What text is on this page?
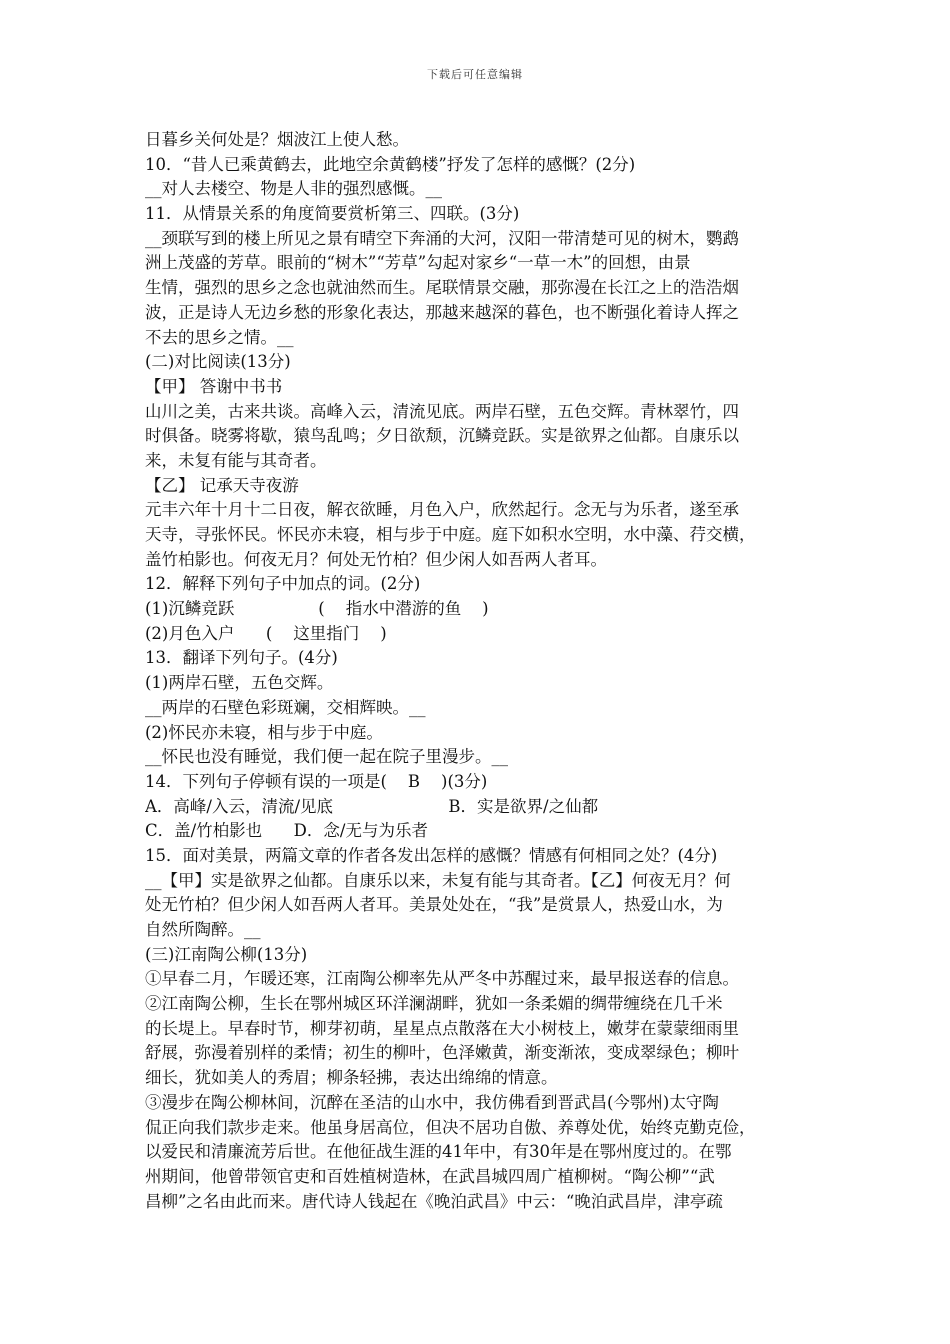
下载后可任意编辑
日暮乡关何处是？烟波江上使人愁。
10．“昔人已乘黄鹤去，此地空余黄鹤楼”抒发了怎样的感慨？(2分)
__对人去楼空、物是人非的强烈感慨。__
11．从情景关系的角度简要赏析第三、四联。(3分)
__颈联写到的楼上所见之景有晴空下奔涌的大河，汉阳一带清楚可见的树木，鹦鹉
洲上茂盛的芳草。眼前的“树木”“芳草”勾起对家乡“一草一木”的回想，由景
生情，强烈的思乡之念也就油然而生。尾联情景交融，那弥漫在长江之上的浩浩烟
波，正是诗人无边乡愁的形象化表达，那越来越深的暮色，也不断强化着诗人挥之
不去的思乡之情。__
(二)对比阅读(13分)
【甲】 答谢中书书
山川之美，古来共谈。高峰入云，清流见底。两岸石壁，五色交辉。青林翠竹，四
时俱备。晓雾将歇，猿鸟乱鸣；夕日欲颓，沉鳞竞跃。实是欲界之仙都。自康乐以
来，未复有能与其奇者。
【乙】 记承天寺夜游
元丰六年十月十二日夜，解衣欲睡，月色入户，欣然起行。念无与为乐者，遂至承
天寺，寻张怀民。怀民亦未寝，相与步于中庭。庭下如积水空明，水中藻、荇交横，
盖竹柏影也。何夜无月？何处无竹柏？但少闲人如吾两人者耳。
12．解释下列句子中加点的词。(2分)
(1)沉鳞竞跃                (    指水中潜游的鱼    )
(2)月色入户      (    这里指门    )
13．翻译下列句子。(4分)
(1)两岸石壁，五色交辉。
__两岸的石壁色彩斑斓，交相辉映。__
(2)怀民亦未寝，相与步于中庭。
__怀民也没有睡觉，我们便一起在院子里漫步。__
14．下列句子停顿有误的一项是(    B    )(3分)
A．高峰/入云，清流/见底                      B．实是欲界/之仙都
C．盖/竹柏影也      D．念/无与为乐者
15．面对美景，两篇文章的作者各发出怎样的感慨？情感有何相同之处？(4分)
__【甲】实是欲界之仙都。自康乐以来，未复有能与其奇者。【乙】何夜无月？何
处无竹柏？但少闲人如吾两人者耳。美景处处在，“我”是赏景人，热爱山水，为
自然所陶醉。__
(三)江南陶公柳(13分)
①早春二月，乍暖还寒，江南陶公柳率先从严冬中苏醒过来，最早报送春的信息。
②江南陶公柳，生长在鄂州城区环洋澜湖畔，犹如一条柔媚的绸带缠绕在几千米
的长堤上。早春时节，柳芽初萌，星星点点散落在大小树枝上，嫩芽在蒙蒙细雨里
舒展，弥漫着别样的柔情；初生的柳叶，色泽嫩黄，渐变渐浓，变成翠绿色；柳叶
细长，犹如美人的秀眉；柳条轻拂，表达出绵绵的情意。
③漫步在陶公柳林间，沉醉在圣洁的山水中，我仿佛看到晋武昌(今鄂州)太守陶
侃正向我们款步走来。他虽身居高位，但决不居功自傲、养尊处优，始终克勤克俭，
以爱民和清廉流芳后世。在他征战生涯的41年中，有30年是在鄂州度过的。在鄂
州期间，他曾带领官吏和百姓植树造林，在武昌城四周广植柳树。“陶公柳”“武
昌柳”之名由此而来。唐代诗人钱起在《晚泊武昌》中云：“晚泊武昌岸，津亭疏
